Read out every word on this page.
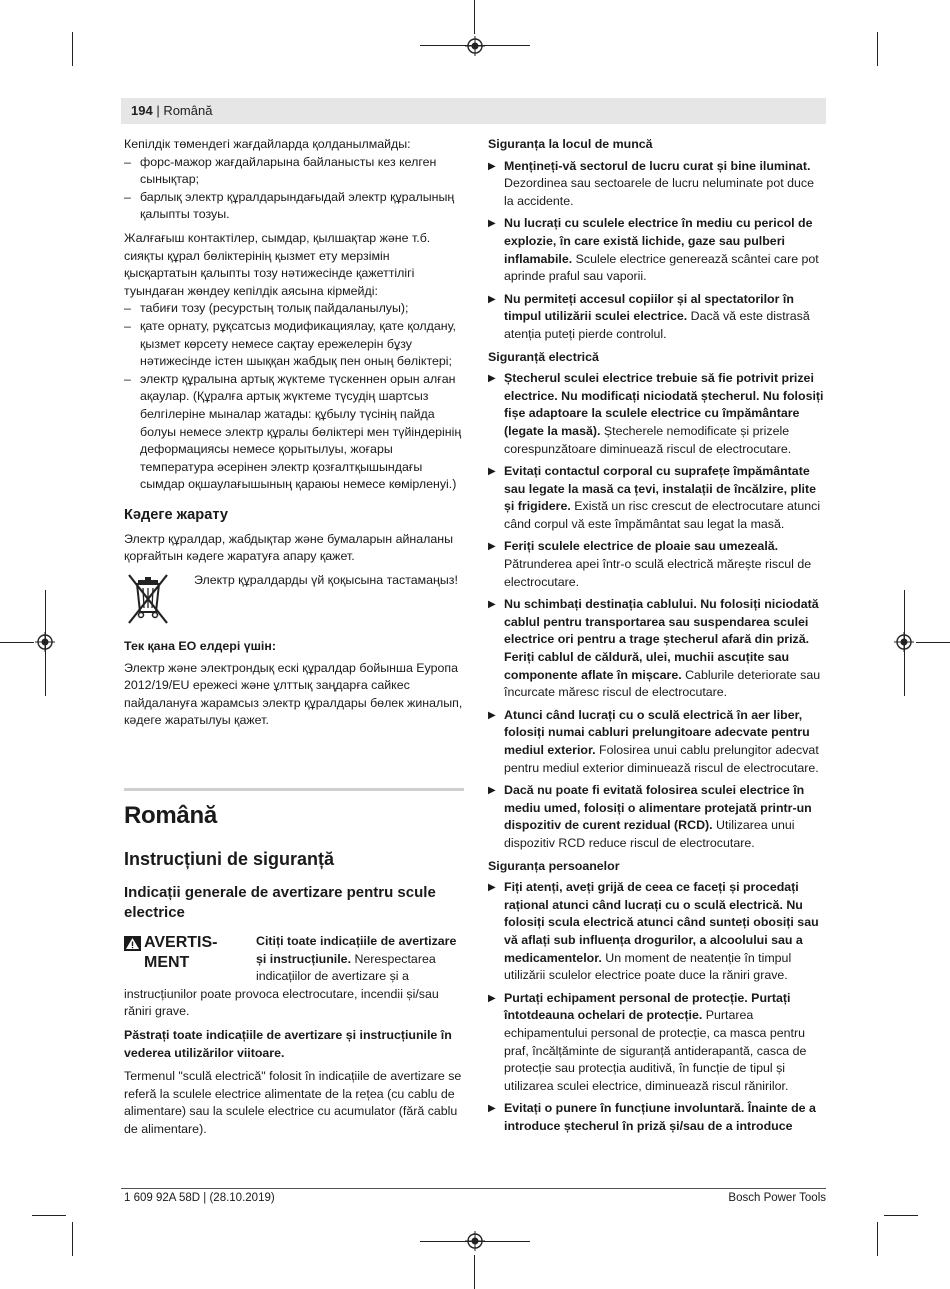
194 | Română

Кепілдік төмендегі жағдайларда қолданылмайды:

– форс-мажор жағдайларына байланысты кез келген сынықтар;
– барлық электр құралдарындағыдай электр құралының қалыпты тозуы.

Жалғағыш контактілер, сымдар, қылшақтар және т.б. сияқты құрал бөліктерінің қызмет ету мерзімін қысқартатын қалыпты тозу нәтижесінде қажеттілігі туындаған жөндеу кепілдік аясына кірмейді:

– табиғи тозу (ресурстың толық пайдаланылуы);
– қате орнату, рұқсатсыз модификациялау, қате қолдану, қызмет көрсету немесе сақтау ережелерін бұзу нәтижесінде істен шыққан жабдық пен оның бөліктері;
– электр құралына артық жүктеме түскеннен орын алған ақаулар. (Құралға артық жүктеме түсудің шартсыз белгілеріне мыналар жатады: құбылу түсінің пайда болуы немесе электр құралы бөліктері мен түйіндерінің деформациясы немесе қорытылуы, жоғары температура әсерінен электр қозғалтқышындағы сымдар оқшаулағышының қараюы немесе көмірленуі.)
Кәдеге жарату

Электр құралдар, жабдықтар және бумаларын айналаны қорғайтын кәдеге жаратуға апару қажет.

Электр құралдарды үй қоқысына тастамаңыз!
Тек қана ЕО елдері үшін:

Электр және электрондық ескі құралдар бойынша Еуропа 2012/19/EU ережесі және ұлттық заңдарға сайкес пайдалануға жарамсыз электр құралдары бөлек жиналып, кәдеге жаратылуы қажет.

Română
Instrucțiuni de siguranță
Indicații generale de avertizare pentru scule electrice
AVERTIS-MENT

Citiți toate indicațiile de avertizare și instrucțiunile. Nerespectarea indicațiilor de avertizare și a instrucțiunilor poate provoca electrocutare, incendii și/sau răniri grave.

Păstrați toate indicațiile de avertizare și instrucțiunile în vederea utilizărilor viitoare.

Termenul "sculă electrică" folosit în indicațiile de avertizare se referă la sculele electrice alimentate de la rețea (cu cablu de alimentare) sau la sculele electrice cu acumulator (fără cablu de alimentare).

Siguranța la locul de muncă
▶ Mențineți-vă sectorul de lucru curat și bine iluminat. Dezordinea sau sectoarele de lucru neluminate pot duce la accidente.
▶ Nu lucrați cu sculele electrice în mediu cu pericol de explozie, în care există lichide, gaze sau pulberi inflamabile. Sculele electrice generează scântei care pot aprinde praful sau vaporii.
▶ Nu permiteți accesul copiilor și al spectatorilor în timpul utilizării sculei electrice. Dacă vă este distrasă atenția puteți pierde controlul.
Siguranță electrică
▶ Ștecherul sculei electrice trebuie să fie potrivit prizei electrice. Nu modificați niciodată ștecherul. Nu folosiți fișe adaptoare la sculele electrice cu împământare (legate la masă). Ștecherele nemodificate și prizele corespunzătoare diminuează riscul de electrocutare.
▶ Evitați contactul corporal cu suprafețe împământate sau legate la masă ca țevi, instalații de încălzire, plite și frigidere. Există un risc crescut de electrocutare atunci când corpul vă este împământat sau legat la masă.
▶ Feriți sculele electrice de ploaie sau umezeală. Pătrunderea apei într-o sculă electrică mărește riscul de electrocutare.
▶ Nu schimbați destinația cablului. Nu folosiți niciodată cablul pentru transportarea sau suspendarea sculei electrice ori pentru a trage ștecherul afară din priză. Feriți cablul de căldură, ulei, muchii ascuțite sau componente aflate în mișcare. Cablurile deteriorate sau încurcate măresc riscul de electrocutare.
▶ Atunci când lucrați cu o sculă electrică în aer liber, folosiți numai cabluri prelungitoare adecvate pentru mediul exterior. Folosirea unui cablu prelungitor adecvat pentru mediul exterior diminuează riscul de electrocutare.
▶ Dacă nu poate fi evitată folosirea sculei electrice în mediu umed, folosiți o alimentare protejată printr-un dispozitiv de curent rezidual (RCD). Utilizarea unui dispozitiv RCD reduce riscul de electrocutare.
Siguranța persoanelor
▶ Fiți atenți, aveți grijă de ceea ce faceți și procedați rațional atunci când lucrați cu o sculă electrică. Nu folosiți scula electrică atunci când sunteți obosiți sau vă aflați sub influența drogurilor, a alcoolului sau a medicamentelor. Un moment de neatenție în timpul utilizării sculelor electrice poate duce la răniri grave.
▶ Purtați echipament personal de protecție. Purtați întotdeauna ochelari de protecție. Purtarea echipamentului personal de protecție, ca masca pentru praf, încălțăminte de siguranță antiderapantă, casca de protecție sau protecția auditivă, în funcție de tipul și utilizarea sculei electrice, diminuează riscul rănirilor.
▶ Evitați o punere în funcțiune involuntară. Înainte de a introduce ștecherul în priză și/sau de a introduce
1 609 92A 58D | (28.10.2019)	Bosch Power Tools
